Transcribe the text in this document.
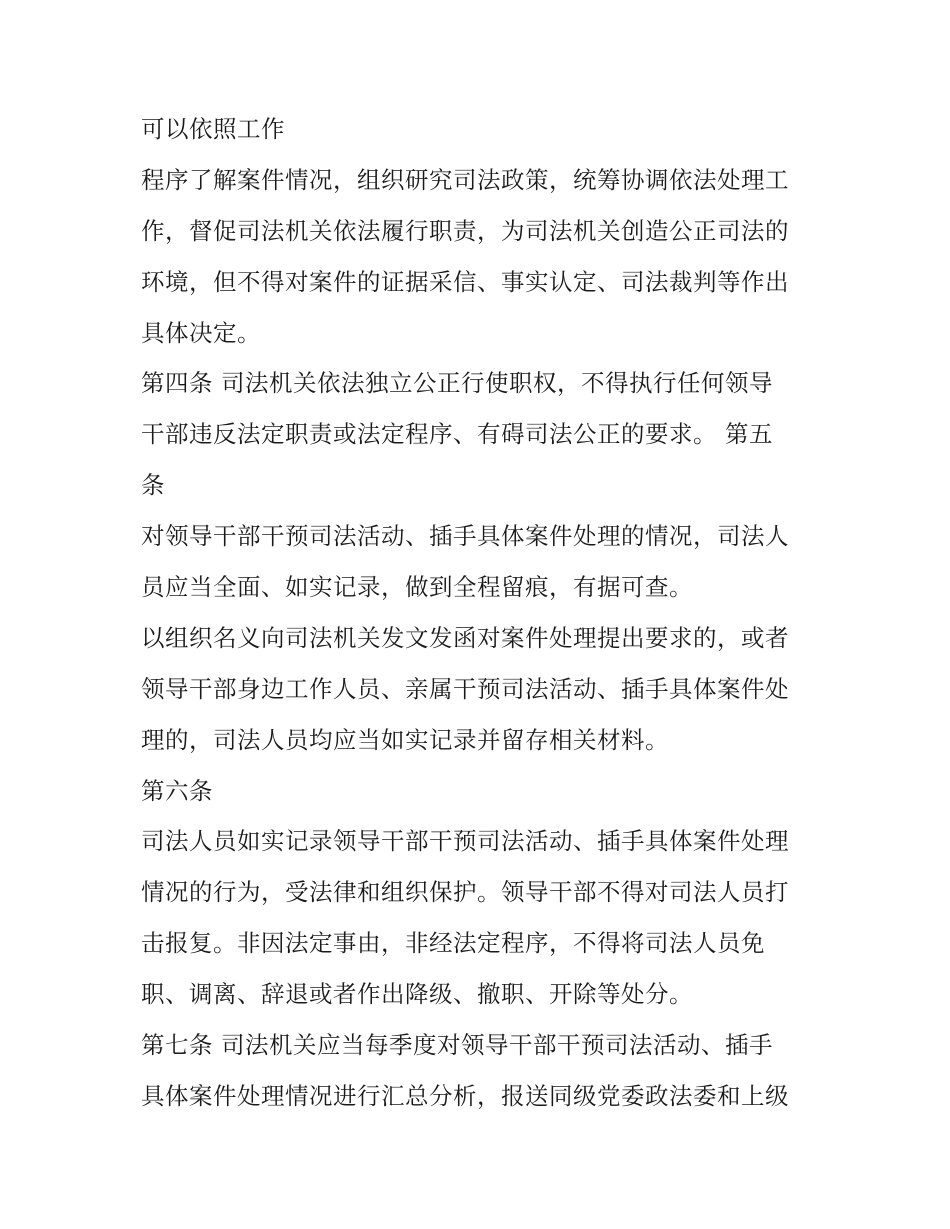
可以依照工作
程序了解案件情况，组织研究司法政策，统筹协调依法处理工
作，督促司法机关依法履行职责，为司法机关创造公正司法的
环境，但不得对案件的证据采信、事实认定、司法裁判等作出
具体决定。
第四条 司法机关依法独立公正行使职权，不得执行任何领导
干部违反法定职责或法定程序、有碍司法公正的要求。 第五
条
对领导干部干预司法活动、插手具体案件处理的情况，司法人
员应当全面、如实记录，做到全程留痕，有据可查。
以组织名义向司法机关发文发函对案件处理提出要求的，或者
领导干部身边工作人员、亲属干预司法活动、插手具体案件处
理的，司法人员均应当如实记录并留存相关材料。
第六条
司法人员如实记录领导干部干预司法活动、插手具体案件处理
情况的行为，受法律和组织保护。领导干部不得对司法人员打
击报复。非因法定事由，非经法定程序，不得将司法人员免
职、调离、辞退或者作出降级、撤职、开除等处分。
第七条 司法机关应当每季度对领导干部干预司法活动、插手
具体案件处理情况进行汇总分析，报送同级党委政法委和上级
